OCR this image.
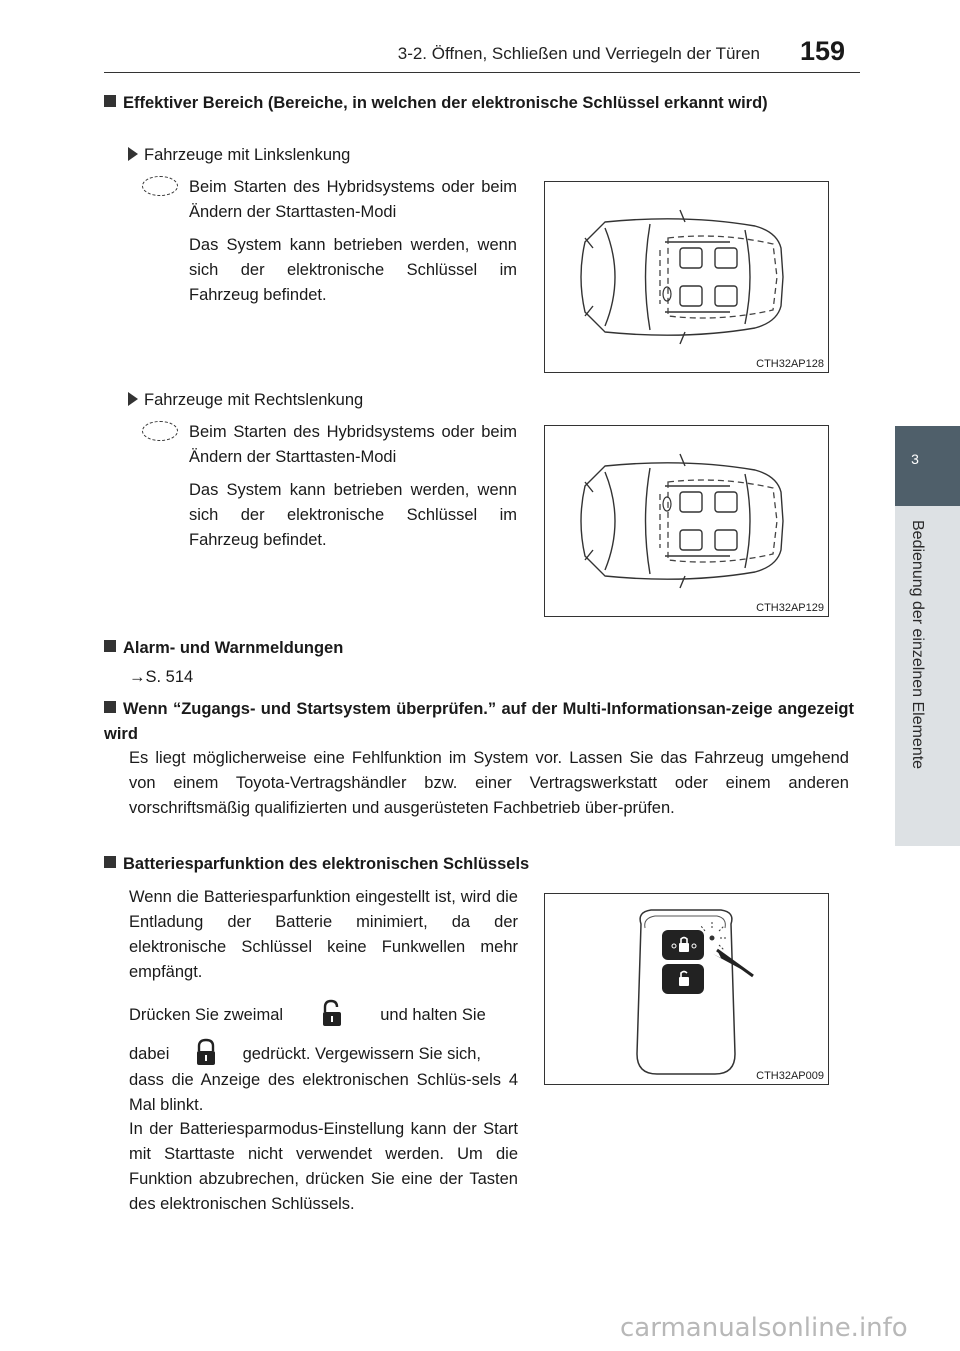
3-2. Öffnen, Schließen und Verriegeln der Türen 159
3
Bedienung der einzelnen Elemente
Effektiver Bereich (Bereiche, in welchen der elektronische Schlüssel erkannt wird)
Fahrzeuge mit Linkslenkung
Beim Starten des Hybridsystems oder beim Ändern der Starttasten-Modi
Das System kann betrieben werden, wenn sich der elektronische Schlüssel im Fahrzeug befindet.
CTH32AP128
Fahrzeuge mit Rechtslenkung
Beim Starten des Hybridsystems oder beim Ändern der Starttasten-Modi
Das System kann betrieben werden, wenn sich der elektronische Schlüssel im Fahrzeug befindet.
CTH32AP129
Alarm- und Warnmeldungen
→S. 514
Wenn “Zugangs- und Startsystem überprüfen.” auf der Multi-Informationsan-zeige angezeigt wird
Es liegt möglicherweise eine Fehlfunktion im System vor. Lassen Sie das Fahrzeug umgehend von einem Toyota-Vertragshändler bzw. einer Vertragswerkstatt oder einem anderen vorschriftsmäßig qualifizierten und ausgerüsteten Fachbetrieb über-prüfen.
Batteriesparfunktion des elektronischen Schlüssels
Wenn die Batteriesparfunktion eingestellt ist, wird die Entladung der Batterie minimiert, da der elektronische Schlüssel keine Funkwellen mehr empfängt.
Drücken Sie zweimal	und halten Sie
dabei	gedrückt. Vergewissern Sie sich,
dass die Anzeige des elektronischen Schlüs-sels 4 Mal blinkt.
In der Batteriesparmodus-Einstellung kann der Start mit Starttaste nicht verwendet werden. Um die Funktion abzubrechen, drücken Sie eine der Tasten des elektronischen Schlüssels.
CTH32AP009
carmanualsonline.info
